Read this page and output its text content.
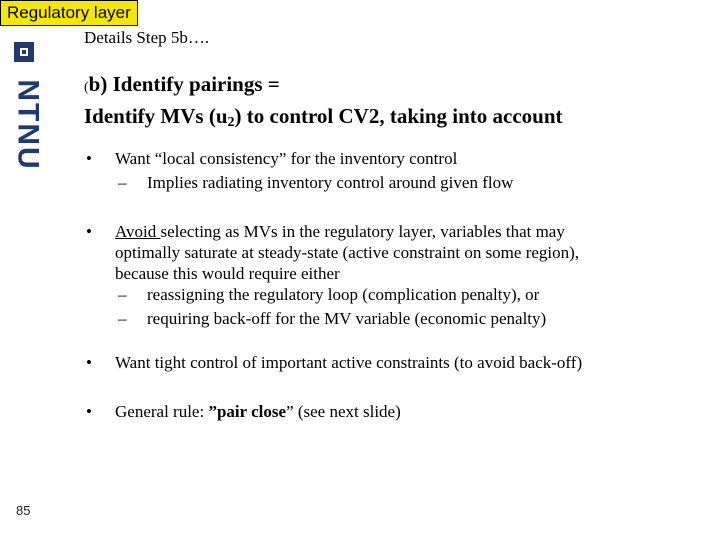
NTNU
Regulatory layer
Details Step 5b….
(b) Identify pairings =
Identify MVs $(u_2)$ to control CV2, taking into account
• Want “local consistency” for the inventory control
– Implies radiating inventory control around given flow
• Avoid selecting as MVs in the regulatory layer, variables that may
optimally saturate at steady-state (active constraint on some region),
because this would require either
– reassigning the regulatory loop (complication penalty), or
– requiring back-off for the MV variable (economic penalty)
• Want tight control of important active constraints (to avoid back-off)
• General rule: ”pair close” (see next slide)
85
